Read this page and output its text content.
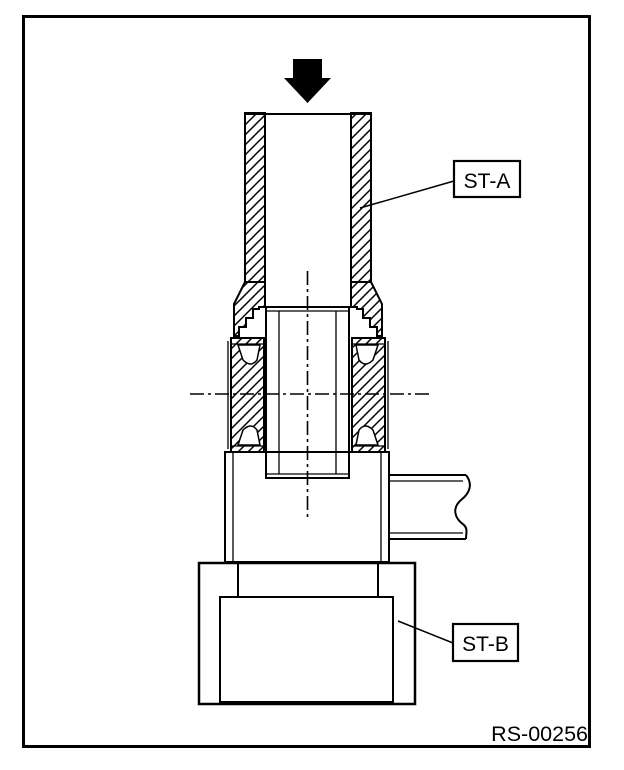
ST-A
ST-B
RS-00256
